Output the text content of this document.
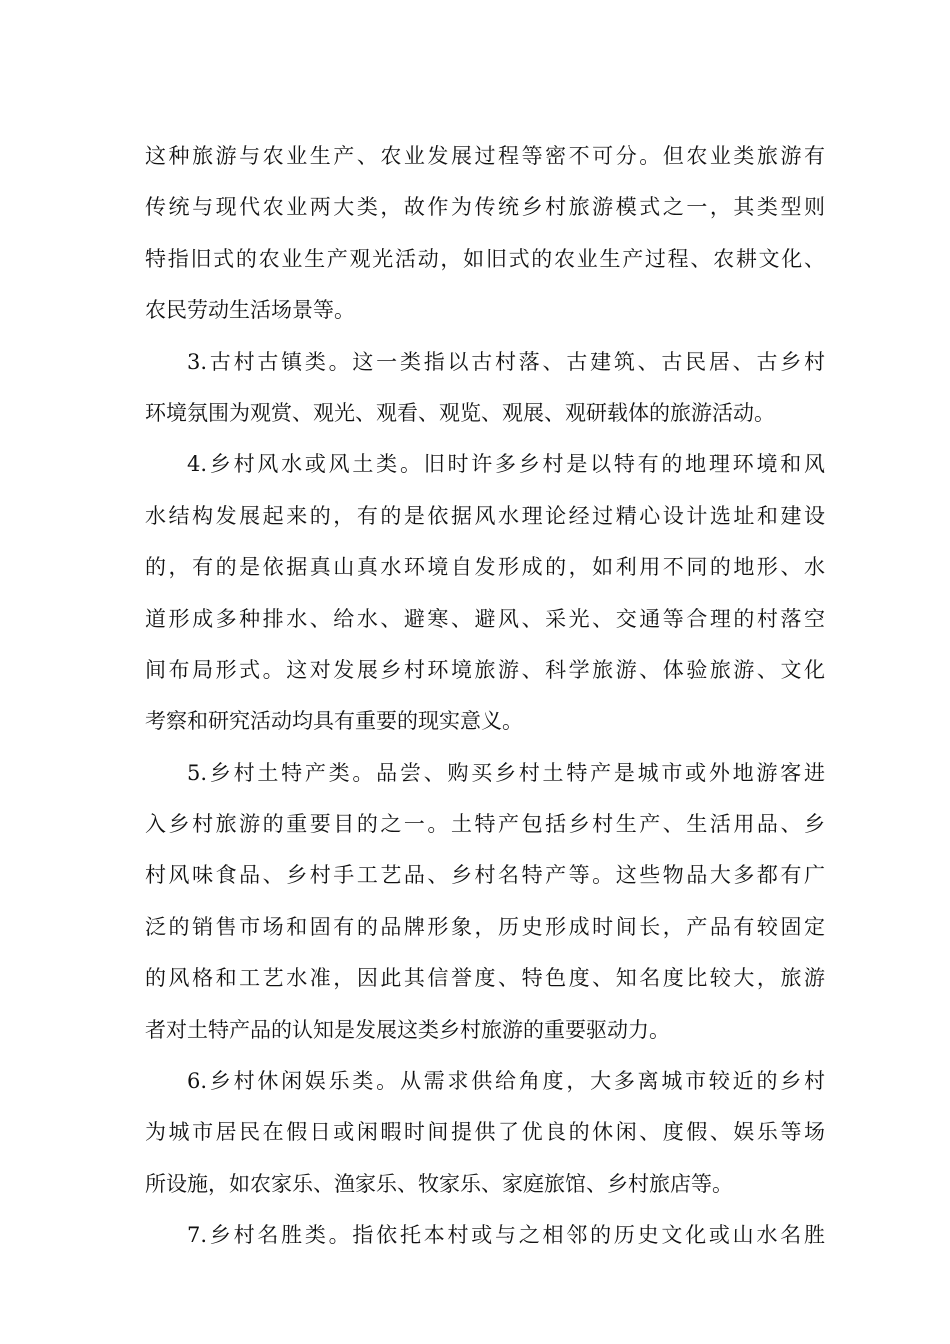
这种旅游与农业生产、农业发展过程等密不可分。但农业类旅游有
传统与现代农业两大类，故作为传统乡村旅游模式之一，其类型则
特指旧式的农业生产观光活动，如旧式的农业生产过程、农耕文化、
农民劳动生活场景等。
3.古村古镇类。这一类指以古村落、古建筑、古民居、古乡村
环境氛围为观赏、观光、观看、观览、观展、观研载体的旅游活动。
4.乡村风水或风土类。旧时许多乡村是以特有的地理环境和风
水结构发展起来的，有的是依据风水理论经过精心设计选址和建设
的，有的是依据真山真水环境自发形成的，如利用不同的地形、水
道形成多种排水、给水、避寒、避风、采光、交通等合理的村落空
间布局形式。这对发展乡村环境旅游、科学旅游、体验旅游、文化
考察和研究活动均具有重要的现实意义。
5.乡村土特产类。品尝、购买乡村土特产是城市或外地游客进
入乡村旅游的重要目的之一。土特产包括乡村生产、生活用品、乡
村风味食品、乡村手工艺品、乡村名特产等。这些物品大多都有广
泛的销售市场和固有的品牌形象，历史形成时间长，产品有较固定
的风格和工艺水准，因此其信誉度、特色度、知名度比较大，旅游
者对土特产品的认知是发展这类乡村旅游的重要驱动力。
6.乡村休闲娱乐类。从需求供给角度，大多离城市较近的乡村
为城市居民在假日或闲暇时间提供了优良的休闲、度假、娱乐等场
所设施，如农家乐、渔家乐、牧家乐、家庭旅馆、乡村旅店等。
7.乡村名胜类。指依托本村或与之相邻的历史文化或山水名胜
